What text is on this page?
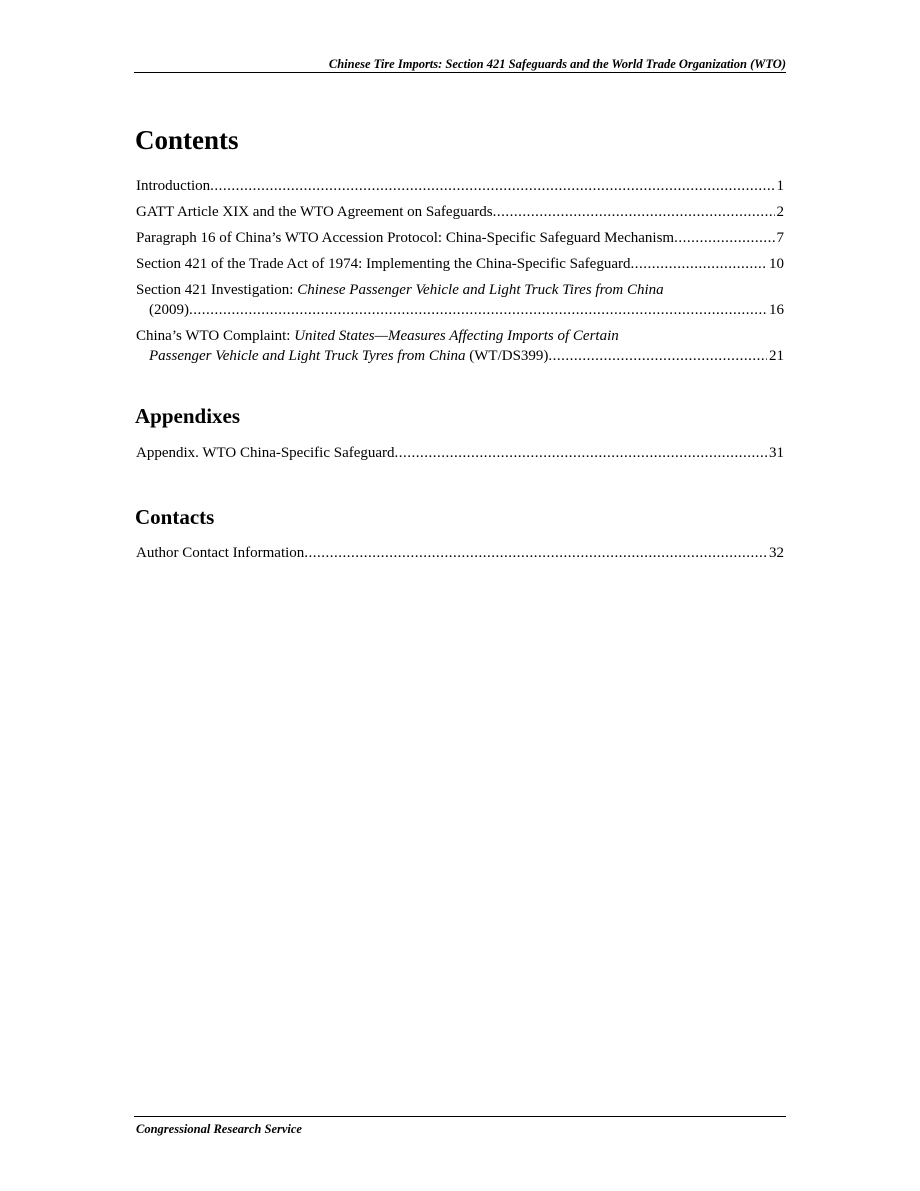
Chinese Tire Imports: Section 421 Safeguards and the World Trade Organization (WTO)
Contents
Introduction .....	1
GATT Article XIX and the WTO Agreement on Safeguards .....	2
Paragraph 16 of China’s WTO Accession Protocol: China-Specific Safeguard Mechanism .....	7
Section 421 of the Trade Act of 1974: Implementing the China-Specific Safeguard .....	10
Section 421 Investigation: Chinese Passenger Vehicle and Light Truck Tires from China
(2009) .....	16
China’s WTO Complaint: United States—Measures Affecting Imports of Certain
Passenger Vehicle and Light Truck Tyres from China (WT/DS399) .....	21
Appendixes
Appendix. WTO China-Specific Safeguard .....	31
Contacts
Author Contact Information .....	32
Congressional Research Service
